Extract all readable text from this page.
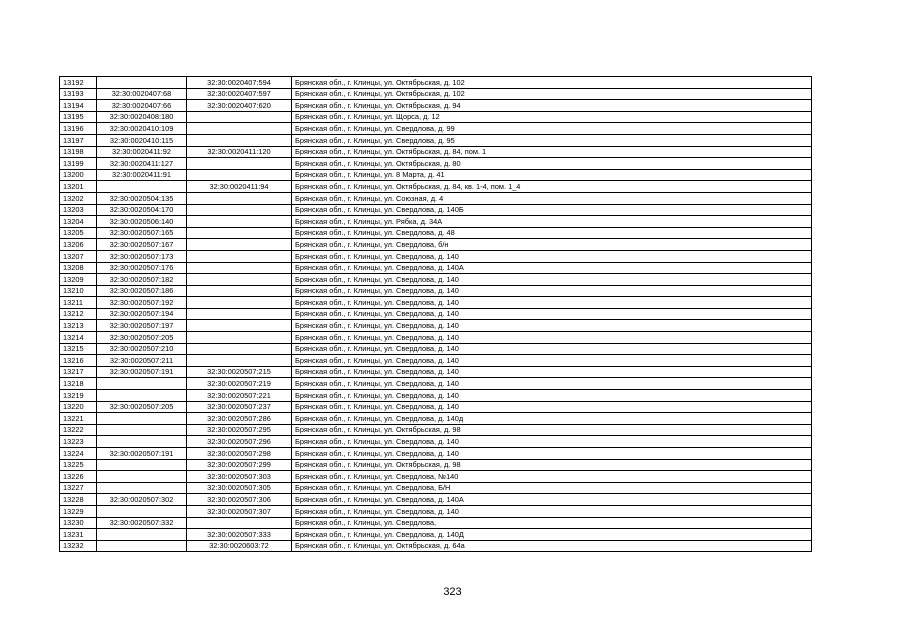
13192		32:30:0020407:594	Брянская обл., г. Клинцы, ул. Октябрьская, д. 102
13193	32:30:0020407:68	32:30:0020407:597	Брянская обл., г. Клинцы, ул. Октябрьская, д. 102
13194	32:30:0020407:66	32:30:0020407:620	Брянская обл., г. Клинцы, ул. Октябрьская, д. 94
13195	32:30:0020408:180		Брянская обл., г. Клинцы, ул. Щорса, д. 12
13196	32:30:0020410:109		Брянская обл., г. Клинцы, ул. Свердлова, д. 99
13197	32:30:0020410:115		Брянская обл., г. Клинцы, ул. Свердлова, д. 95
13198	32:30:0020411:92	32:30:0020411:120	Брянская обл., г. Клинцы, ул. Октябрьская, д. 84, пом. 1
13199	32:30:0020411:127		Брянская обл., г. Клинцы, ул. Октябрьская, д. 80
13200	32:30:0020411:91		Брянская обл., г. Клинцы, ул. 8 Марта, д. 41
13201		32:30:0020411:94	Брянская обл., г. Клинцы, ул. Октябрьская, д. 84, кв. 1-4, пом. 1_4
13202	32:30:0020504:135		Брянская обл., г. Клинцы, ул. Союзная, д. 4
13203	32:30:0020504:170		Брянская обл., г. Клинцы, ул. Свердлова, д. 140Б
13204	32:30:0020506:140		Брянская обл., г. Клинцы, ул. Рябка, д. 34А
13205	32:30:0020507:165		Брянская обл., г. Клинцы, ул. Свердлова, д. 48
13206	32:30:0020507:167		Брянская обл., г. Клинцы, ул. Свердлова, б/н
13207	32:30:0020507:173		Брянская обл., г. Клинцы, ул. Свердлова, д. 140
13208	32:30:0020507:176		Брянская обл., г. Клинцы, ул. Свердлова, д. 140А
13209	32:30:0020507:182		Брянская обл., г. Клинцы, ул. Свердлова, д. 140
13210	32:30:0020507:186		Брянская обл., г. Клинцы, ул. Свердлова, д. 140
13211	32:30:0020507:192		Брянская обл., г. Клинцы, ул. Свердлова, д. 140
13212	32:30:0020507:194		Брянская обл., г. Клинцы, ул. Свердлова, д. 140
13213	32:30:0020507:197		Брянская обл., г. Клинцы, ул. Свердлова, д. 140
13214	32:30:0020507:205		Брянская обл., г. Клинцы, ул. Свердлова, д. 140
13215	32:30:0020507:210		Брянская обл., г. Клинцы, ул. Свердлова, д. 140
13216	32:30:0020507:211		Брянская обл., г. Клинцы, ул. Свердлова, д. 140
13217	32:30:0020507:191	32:30:0020507:215	Брянская обл., г. Клинцы, ул. Свердлова, д. 140
13218		32:30:0020507:219	Брянская обл., г. Клинцы, ул. Свердлова, д. 140
13219		32:30:0020507:221	Брянская обл., г. Клинцы, ул. Свердлова, д. 140
13220	32:30:0020507:205	32:30:0020507:237	Брянская обл., г. Клинцы, ул. Свердлова, д. 140
13221		32:30:0020507:286	Брянская обл., г. Клинцы, ул. Свердлова, д. 140д
13222		32:30:0020507:295	Брянская обл., г. Клинцы, ул. Октябрьская, д. 98
13223		32:30:0020507:296	Брянская обл., г. Клинцы, ул. Свердлова, д. 140
13224	32:30:0020507:191	32:30:0020507:298	Брянская обл., г. Клинцы, ул. Свердлова, д. 140
13225		32:30:0020507:299	Брянская обл., г. Клинцы, ул. Октябрьская, д. 98
13226		32:30:0020507:303	Брянская обл., г. Клинцы, ул. Свердлова, №140
13227		32:30:0020507:305	Брянская обл., г. Клинцы, ул. Свердлова, Б/Н
13228	32:30:0020507:302	32:30:0020507:306	Брянская обл., г. Клинцы, ул. Свердлова, д. 140А
13229		32:30:0020507:307	Брянская обл., г. Клинцы, ул. Свердлова, д. 140
13230	32:30:0020507:332		Брянская обл., г. Клинцы, ул. Свердлова,
13231		32:30:0020507:333	Брянская обл., г. Клинцы, ул. Свердлова, д. 140Д
13232		32:30:0020603:72	Брянская обл., г. Клинцы, ул. Октябрьская, д. 64а
323
